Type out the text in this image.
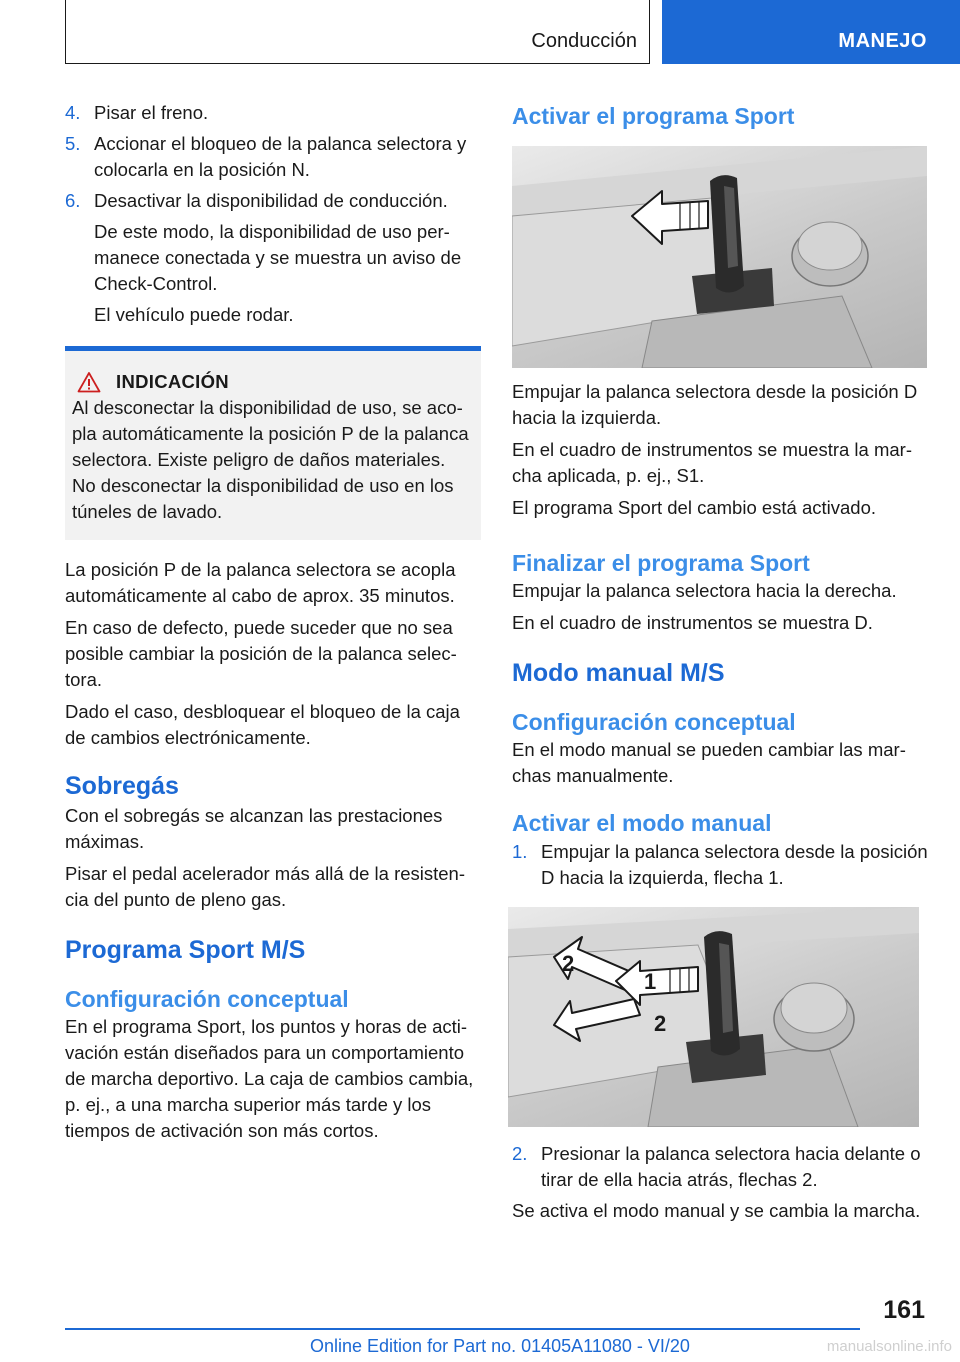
Conducción	MANEJO
4. Pisar el freno.
5. Accionar el bloqueo de la palanca selectora y colocarla en la posición N.
6. Desactivar la disponibilidad de conducción.
De este modo, la disponibilidad de uso permanece conectada y se muestra un aviso de Check-Control.
El vehículo puede rodar.
INDICACIÓN
Al desconectar la disponibilidad de uso, se acopla automáticamente la posición P de la palanca selectora. Existe peligro de daños materiales. No desconectar la disponibilidad de uso en los túneles de lavado.

La posición P de la palanca selectora se acopla automáticamente al cabo de aprox. 35 minutos.

En caso de defecto, puede suceder que no sea posible cambiar la posición de la palanca selectora.

Dado el caso, desbloquear el bloqueo de la caja de cambios electrónicamente.

Sobregás

Con el sobregás se alcanzan las prestaciones máximas.

Pisar el pedal acelerador más allá de la resistencia del punto de pleno gas.

Programa Sport M/S
Configuración conceptual

En el programa Sport, los puntos y horas de activación están diseñados para un comportamiento de marcha deportivo. La caja de cambios cambia, p. ej., a una marcha superior más tarde y los tiempos de activación son más cortos.

Activar el programa Sport

Empujar la palanca selectora desde la posición D hacia la izquierda.

En el cuadro de instrumentos se muestra la marcha aplicada, p. ej., S1.

El programa Sport del cambio está activado.

Finalizar el programa Sport

Empujar la palanca selectora hacia la derecha.

En el cuadro de instrumentos se muestra D.

Modo manual M/S
Configuración conceptual

En el modo manual se pueden cambiar las marchas manualmente.

Activar el modo manual
1. Empujar la palanca selectora desde la posición D hacia la izquierda, flecha 1.
1
2
2
2. Presionar la palanca selectora hacia delante o tirar de ella hacia atrás, flechas 2.

Se activa el modo manual y se cambia la marcha.

161
Online Edition for Part no. 01405A11080 - VI/20	manualsonline.info
